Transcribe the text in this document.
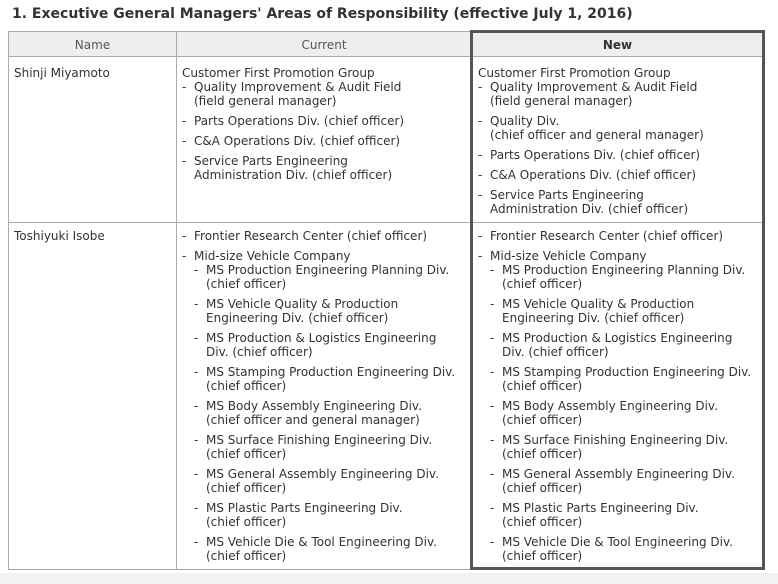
1. Executive General Managers' Areas of Responsibility (effective July 1, 2016)
Name	Current	New
Shinji Miyamoto	Customer First Promotion Group
- Quality Improvement & Audit Field
(field general manager)
- Parts Operations Div. (chief officer)
- C&A Operations Div. (chief officer)
- Service Parts Engineering
Administration Div. (chief officer)
Customer First Promotion Group
- Quality Improvement & Audit Field
(field general manager)
- Quality Div.
(chief officer and general manager)
- Parts Operations Div. (chief officer)
- C&A Operations Div. (chief officer)
- Service Parts Engineering
Administration Div. (chief officer)
Toshiyuki Isobe
-	Frontier Research Center (chief officer)
- Mid-size Vehicle Company
- MS Production Engineering Planning Div.
(chief officer)
- MS Vehicle Quality & Production
Engineering Div. (chief officer)
- MS Production & Logistics Engineering
Div. (chief officer)
- MS Stamping Production Engineering Div.
(chief officer)
- MS Body Assembly Engineering Div.
(chief officer and general manager)
- MS Surface Finishing Engineering Div.
(chief officer)
- MS General Assembly Engineering Div.
(chief officer)
- MS Plastic Parts Engineering Div.
(chief officer)
- MS Vehicle Die & Tool Engineering Div.
(chief officer)
- Frontier Research Center (chief officer)
- Mid-size Vehicle Company
- MS Production Engineering Planning Div.
(chief officer)
- MS Vehicle Quality & Production
Engineering Div. (chief officer)
- MS Production & Logistics Engineering
Div. (chief officer)
- MS Stamping Production Engineering Div.
(chief officer)
- MS Body Assembly Engineering Div.
(chief officer)
- MS Surface Finishing Engineering Div.
(chief officer)
- MS General Assembly Engineering Div.
(chief officer)
- MS Plastic Parts Engineering Div.
(chief officer)
- MS Vehicle Die & Tool Engineering Div.
(chief officer)
